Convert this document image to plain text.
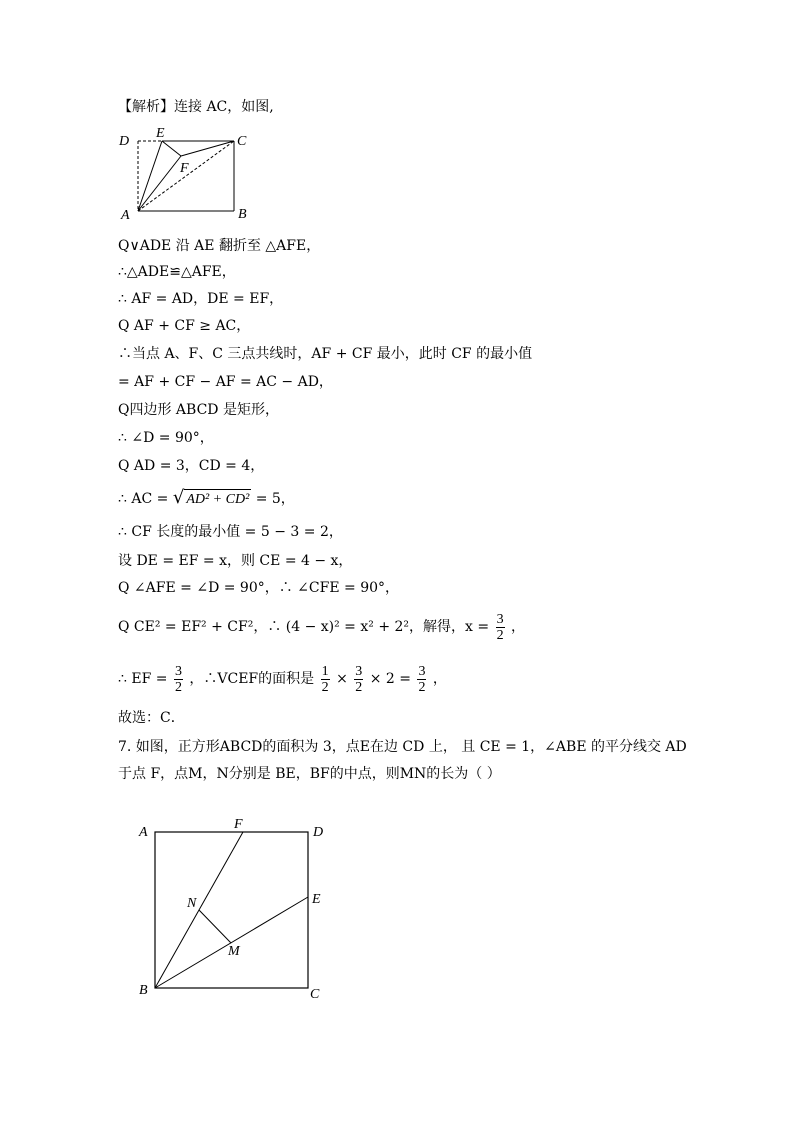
【解析】连接 AC，如图,
D
E
C
F
A	B
Q∨ADE 沿 AE 翻折至 △AFE，
∴△ADE≌△AFE，
∴ AF = AD，DE = EF，
Q AF + CF ≥ AC，
∴当点 A、F、C 三点共线时，AF + CF 最小，此时 CF 的最小值
= AF + CF − AF = AC − AD，
Q四边形 ABCD 是矩形，
∴ ∠D = 90°，
Q AD = 3，CD = 4，
∴ AC = √ AD² + CD² = 5，
∴ CF 长度的最小值 = 5 − 3 = 2，
设 DE = EF = x，则 CE = 4 − x，
Q ∠AFE = ∠D = 90°，∴ ∠CFE = 90°，
Q CE² = EF² + CF²，∴ (4 − x)² = x² + 2²，解得，$x = \frac{3}{2}$ ，
∴ EF = $\frac{3}{2}$ ，∴VCEF的面积是 $\frac{1}{2} \times \frac{3}{2} \times 2 = \frac{3}{2}$ ，
故选：C．
7. 如图，正方形ABCD的面积为 3，点E在边 CD 上， 且 CE = 1，∠ABE 的平分线交 AD
于点 F，点M，N分别是 BE，BF的中点，则MN的长为（ ）
A
F
D
N	E
M
B	C
